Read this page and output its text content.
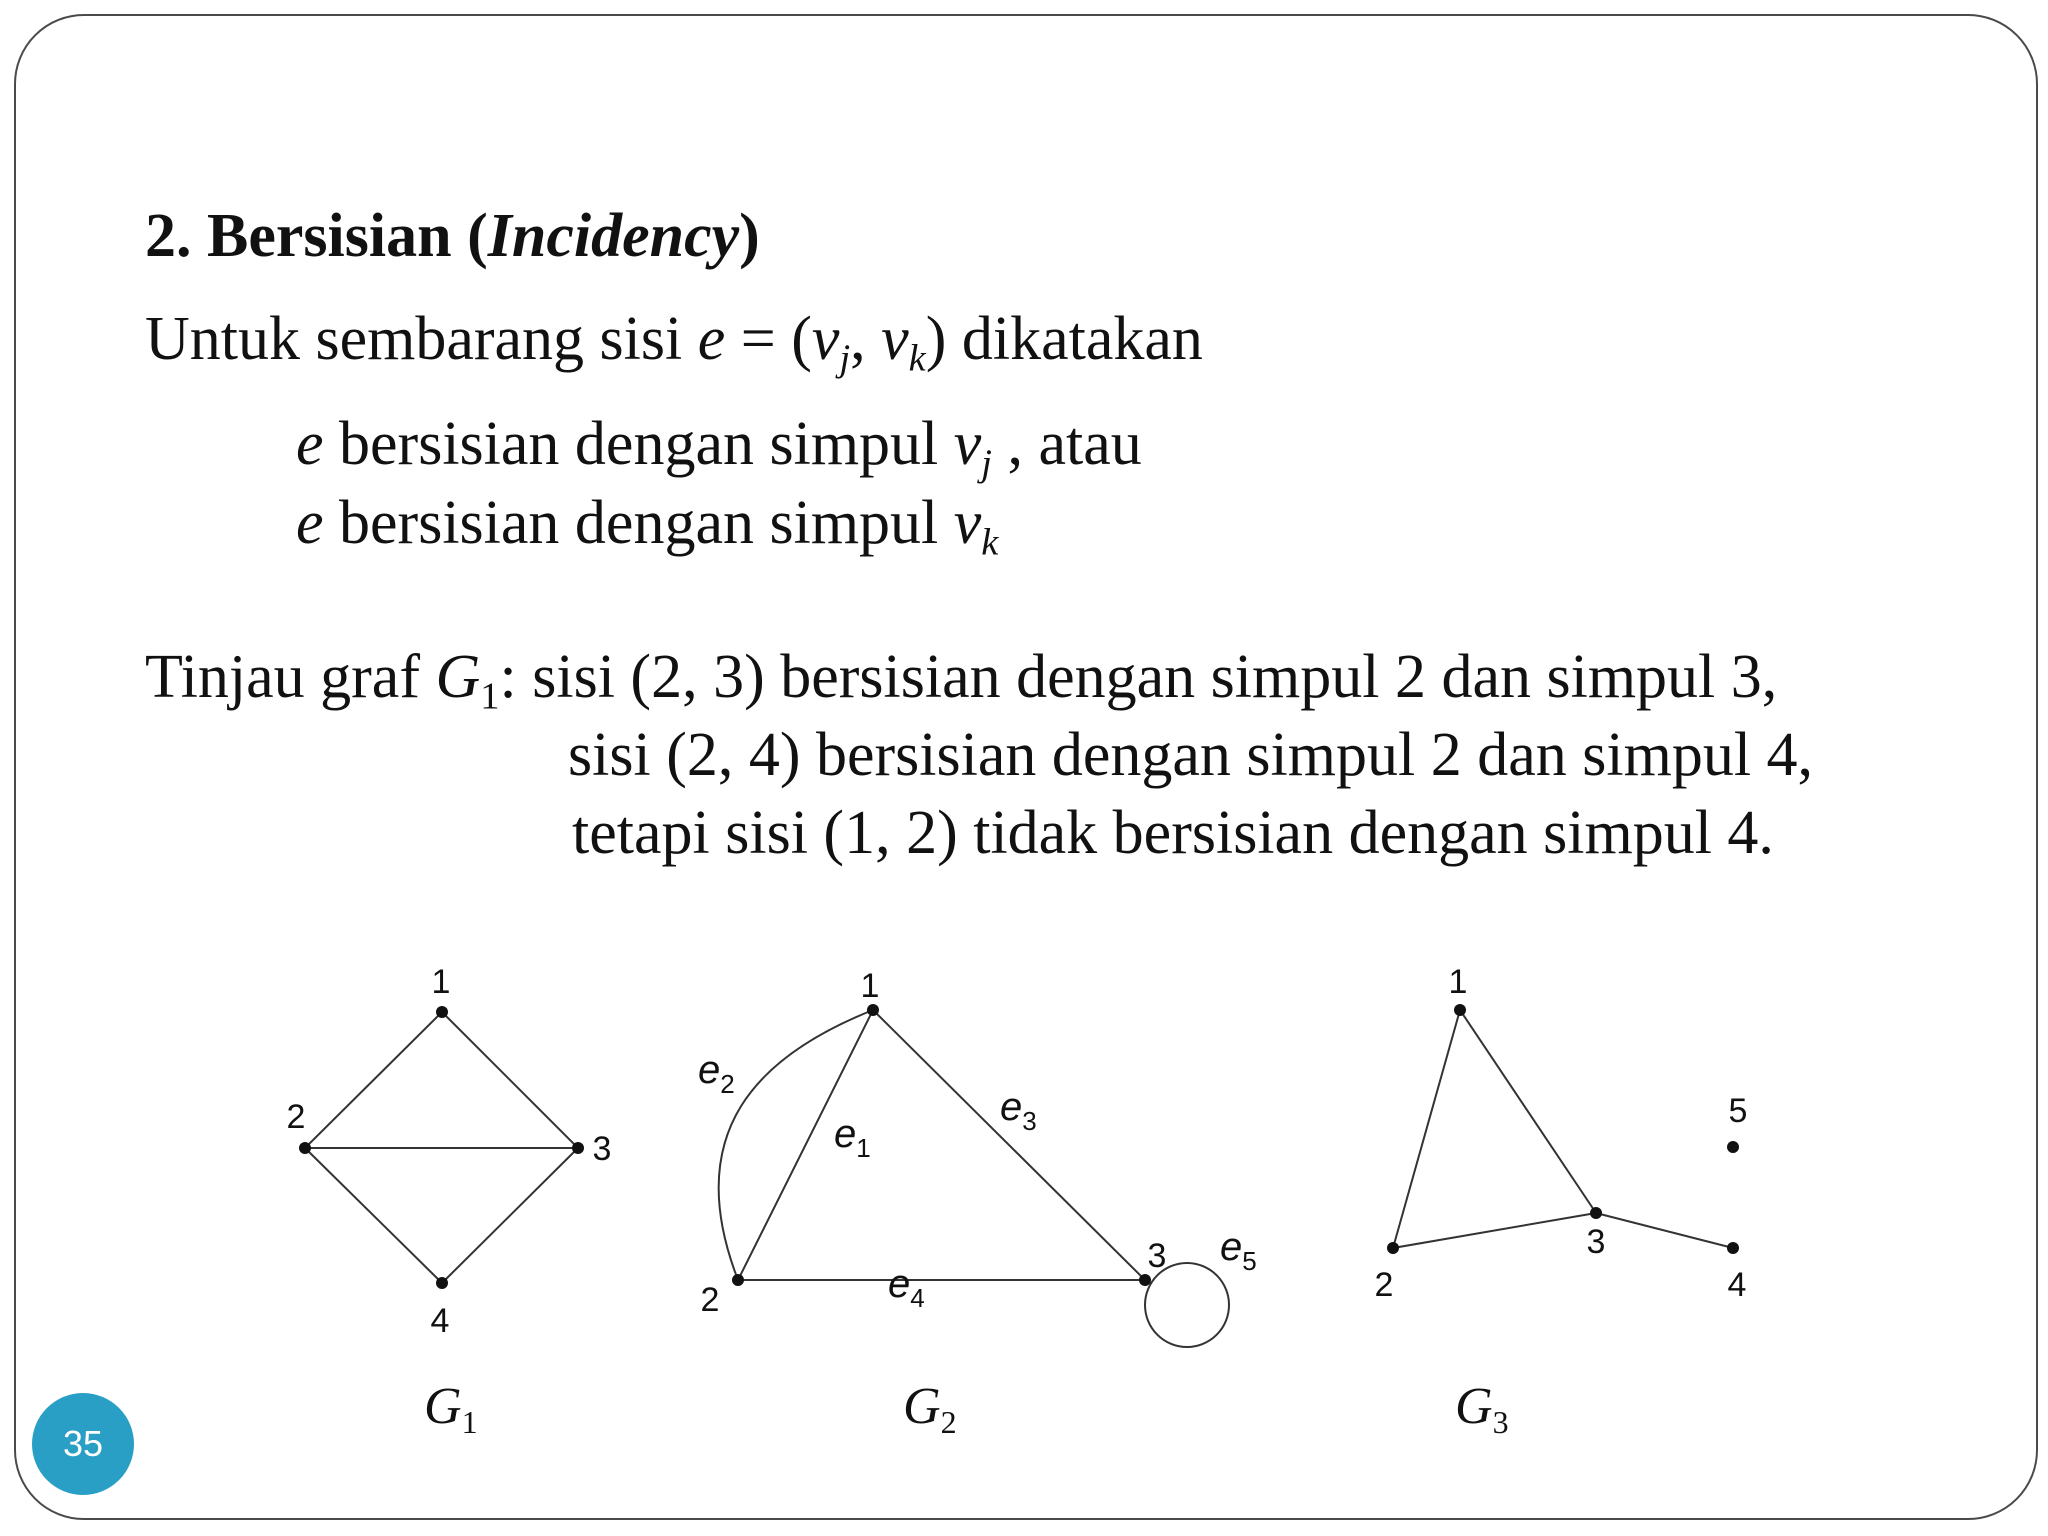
2. Bersisian (Incidency)
Untuk sembarang sisi $e = (v_j$, $v_k$) dikatakan
e bersisian dengan simpul $v_j$ , atau
e bersisian dengan simpul $v_k$
Tinjau graf $G_1$: sisi (2, 3) bersisian dengan simpul 2 dan simpul 3,
sisi (2, 4) bersisian dengan simpul 2 dan simpul 4,
tetapi sisi (1, 2) tidak bersisian dengan simpul 4.
1
2
3
4
G1
1
2
3
$e_1$
$e_2$
$e_3$
$e_4$
$e_5$
G2
1
2
3
4
5
G3
35
